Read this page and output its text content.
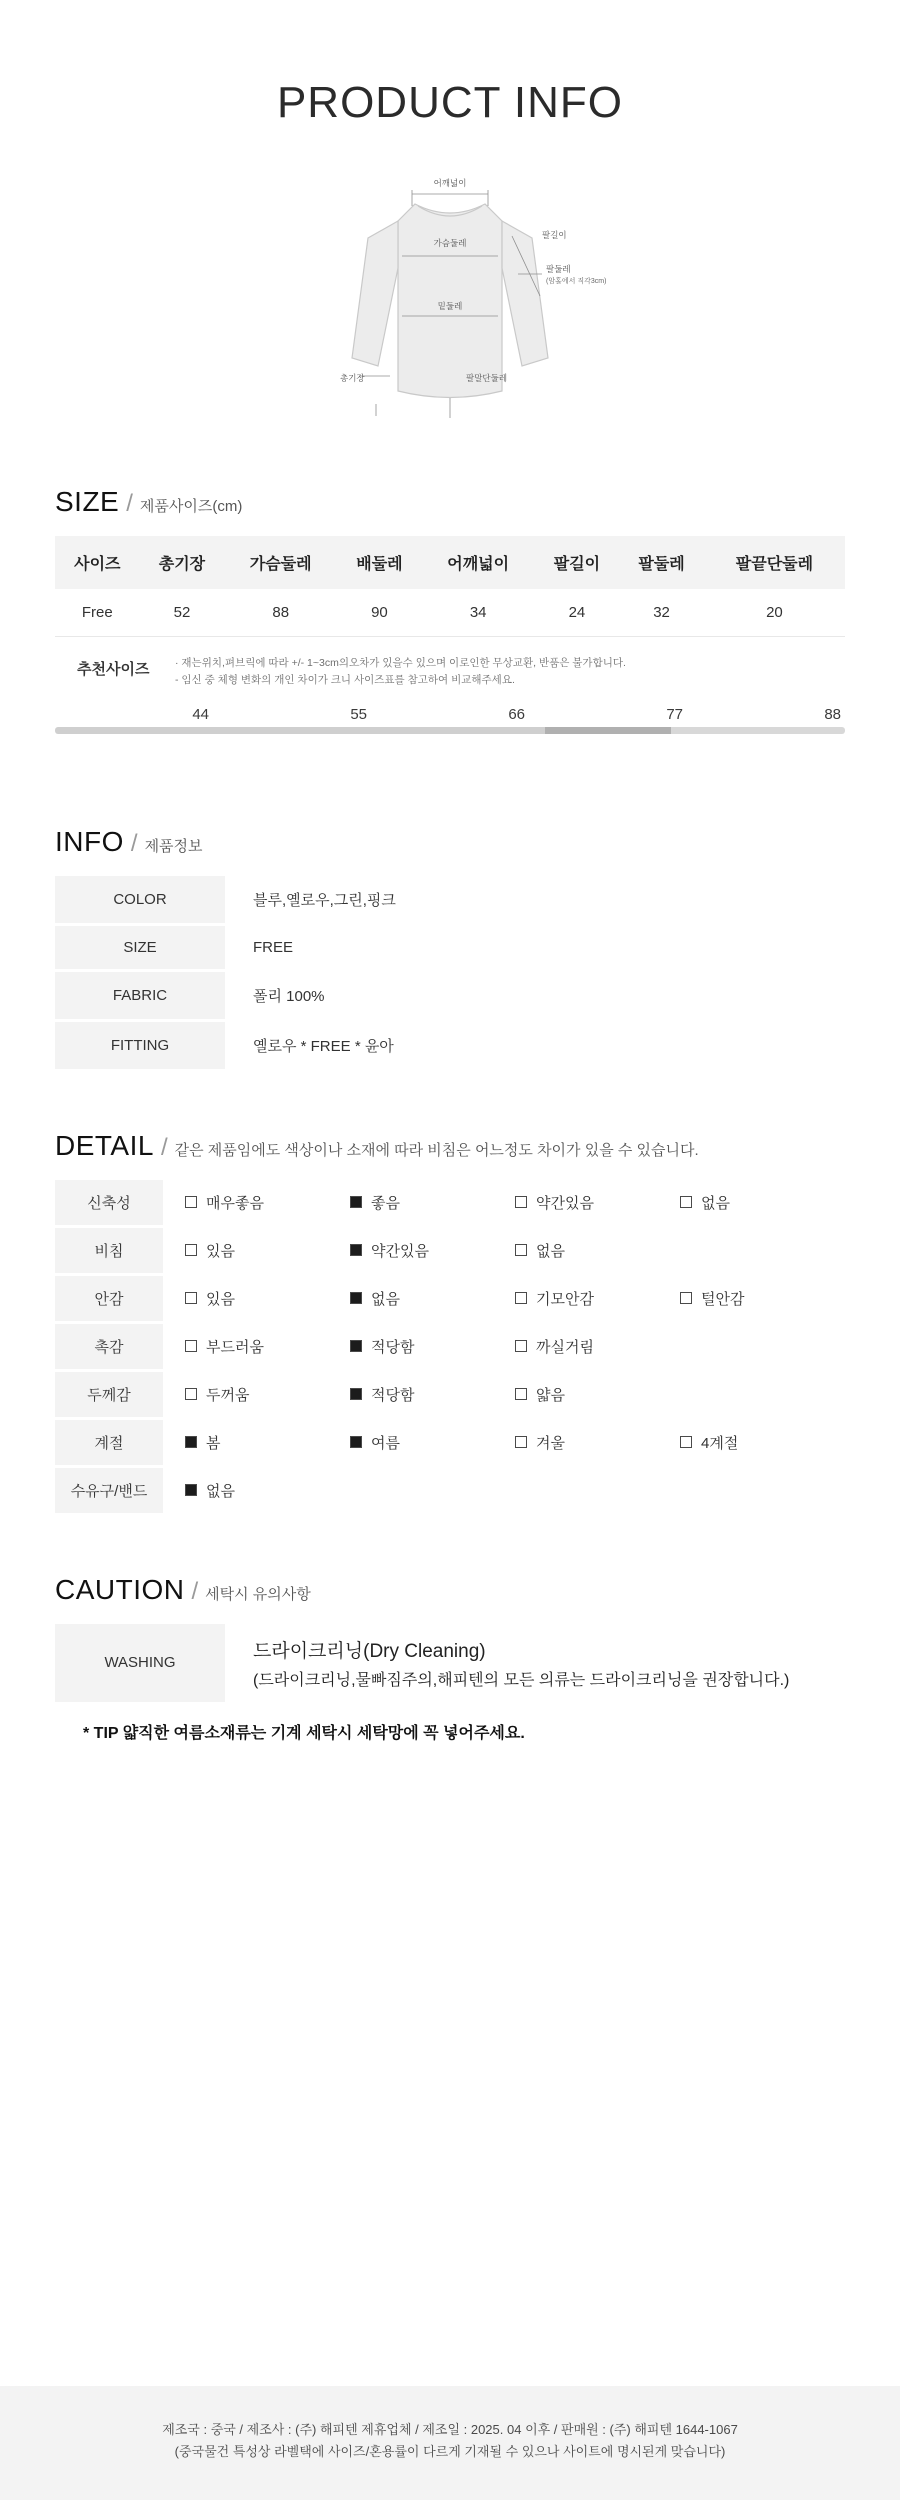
PRODUCT INFO
어깨넓이
가슴둘레
팔길이
팔둘레
(암홀에서 직각3cm)
밑둘레
총기장	팔말단둘레
SIZE / 제품사이즈(cm)
사이즈	총기장	가슴둘레	배둘레	어깨넓이	팔길이	팔둘레	팔끝단둘레
Free	52	88	90	34	24	32	20
추천사이즈	· 재는위치,펴브릭에 따라 +/- 1~3cm의오차가 있을수 있으며 이로인한 무상교환, 반품은 불가합니다.
- 임신 중 체형 변화의 개인 차이가 크니 사이즈표를 참고하여 비교해주세요.
44	55	66	77	88
INFO / 제품정보
COLOR	블루,옐로우,그린,핑크
SIZE	FREE
FABRIC	폴리 100%
FITTING	옐로우 * FREE * 윤아
DETAIL / 같은 제품임에도 색상이나 소재에 따라 비침은 어느정도 차이가 있을 수 있습니다.
신축성	매우좋음 좋음 약간있음 없음

비침	있음 약간있음 없음

안감	있음 없음 기모안감 털안감

촉감	부드러움 적당함 까실거림

두께감	두꺼움 적당함 얇음

계절	봄 여름 겨울 4계절

수유구/밴드	없음
CAUTION / 세탁시 유의사항
WASHING	
드라이크리닝(Dry Cleaning)
(드라이크리닝,물빠짐주의,해피텐의 모든 의류는 드라이크리닝을 권장합니다.)
* TIP 얇직한 여름소재류는 기계 세탁시 세탁망에 꼭 넣어주세요.
제조국 : 중국 / 제조사 : (주) 해피텐 제휴업체 / 제조일 : 2025. 04 이후 / 판매원 : (주) 해피텐 1644-1067
(중국물건 특성상 라벨택에 사이즈/혼용률이 다르게 기재될 수 있으나 사이트에 명시된게 맞습니다)
